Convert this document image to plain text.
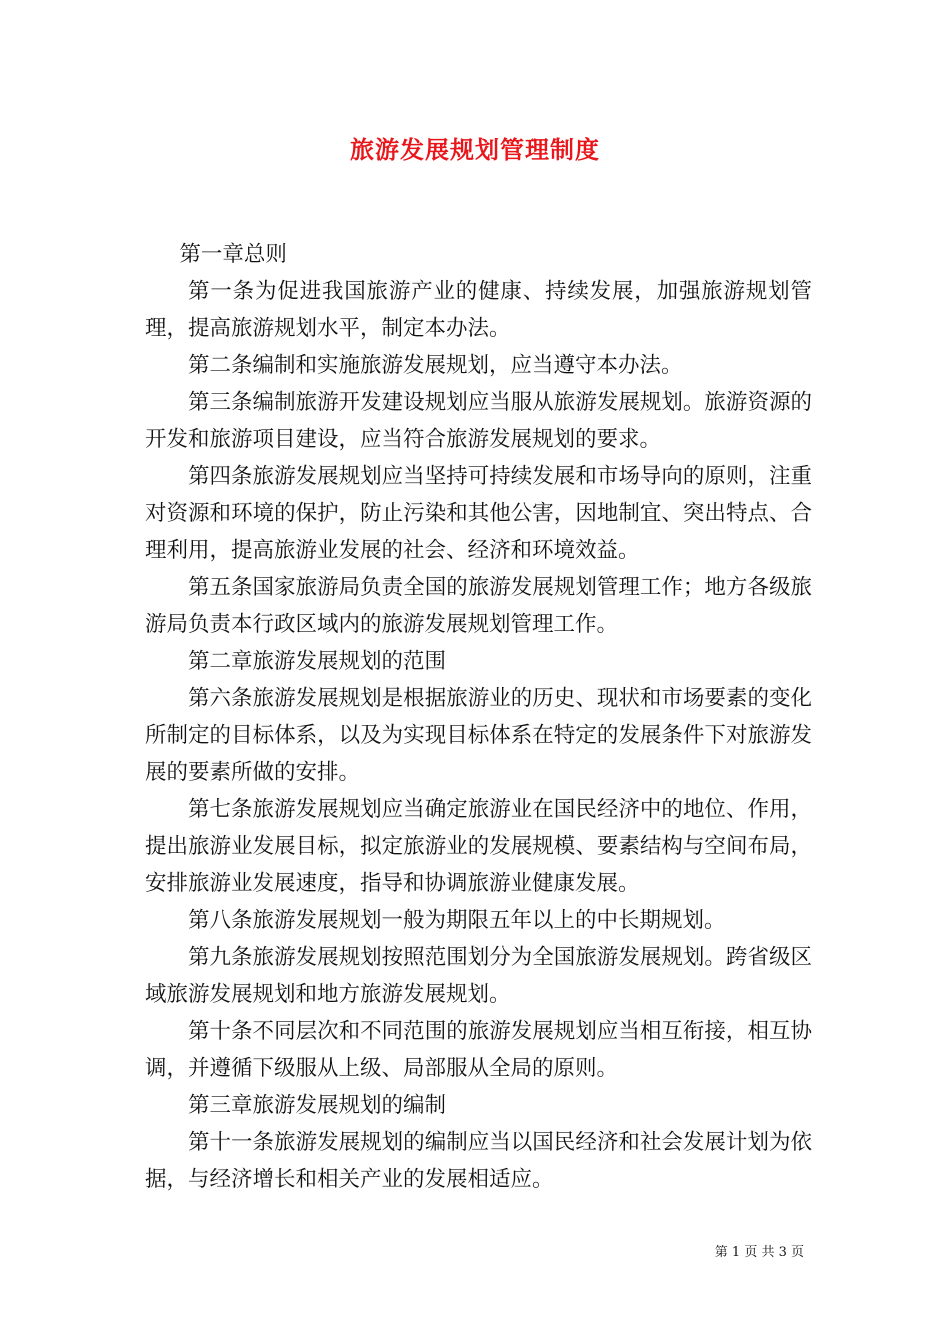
旅游发展规划管理制度

第一章总则

第一条为促进我国旅游产业的健康、持续发展，加强旅游规划管理，提高旅游规划水平，制定本办法。

第二条编制和实施旅游发展规划，应当遵守本办法。

第三条编制旅游开发建设规划应当服从旅游发展规划。旅游资源的开发和旅游项目建设，应当符合旅游发展规划的要求。

第四条旅游发展规划应当坚持可持续发展和市场导向的原则，注重对资源和环境的保护，防止污染和其他公害，因地制宜、突出特点、合理利用，提高旅游业发展的社会、经济和环境效益。

第五条国家旅游局负责全国的旅游发展规划管理工作；地方各级旅游局负责本行政区域内的旅游发展规划管理工作。

第二章旅游发展规划的范围

第六条旅游发展规划是根据旅游业的历史、现状和市场要素的变化所制定的目标体系，以及为实现目标体系在特定的发展条件下对旅游发展的要素所做的安排。

第七条旅游发展规划应当确定旅游业在国民经济中的地位、作用，提出旅游业发展目标，拟定旅游业的发展规模、要素结构与空间布局，安排旅游业发展速度，指导和协调旅游业健康发展。

第八条旅游发展规划一般为期限五年以上的中长期规划。

第九条旅游发展规划按照范围划分为全国旅游发展规划。跨省级区域旅游发展规划和地方旅游发展规划。

第十条不同层次和不同范围的旅游发展规划应当相互衔接，相互协调，并遵循下级服从上级、局部服从全局的原则。

第三章旅游发展规划的编制

第十一条旅游发展规划的编制应当以国民经济和社会发展计划为依据，与经济增长和相关产业的发展相适应。

第 1 页 共 3 页
